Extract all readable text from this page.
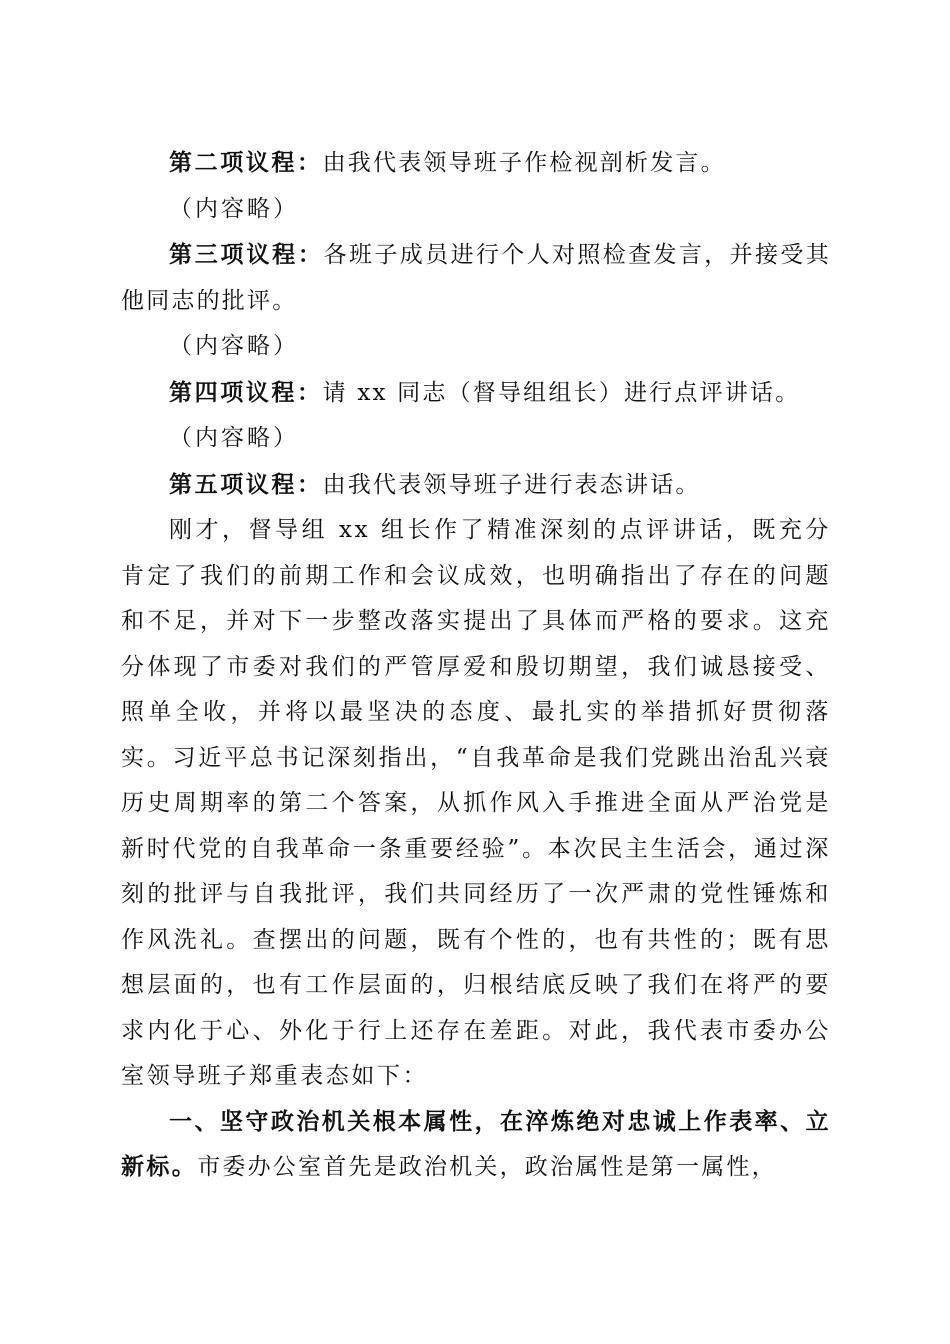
第二项议程：由我代表领导班子作检视剖析发言。

（内容略）

第三项议程：各班子成员进行个人对照检查发言，并接受其他同志的批评。

（内容略）

第四项议程：请 xx 同志（督导组组长）进行点评讲话。

（内容略）

第五项议程：由我代表领导班子进行表态讲话。

刚才，督导组 xx 组长作了精准深刻的点评讲话，既充分肯定了我们的前期工作和会议成效，也明确指出了存在的问题和不足，并对下一步整改落实提出了具体而严格的要求。这充分体现了市委对我们的严管厚爱和殷切期望，我们诚恳接受、照单全收，并将以最坚决的态度、最扎实的举措抓好贯彻落实。习近平总书记深刻指出，“自我革命是我们党跳出治乱兴衰历史周期率的第二个答案，从抓作风入手推进全面从严治党是新时代党的自我革命一条重要经验”。本次民主生活会，通过深刻的批评与自我批评，我们共同经历了一次严肃的党性锤炼和作风洗礼。查摆出的问题，既有个性的，也有共性的；既有思想层面的，也有工作层面的，归根结底反映了我们在将严的要求内化于心、外化于行上还存在差距。对此，我代表市委办公室领导班子郑重表态如下：

一、坚守政治机关根本属性，在淬炼绝对忠诚上作表率、立新标。市委办公室首先是政治机关，政治属性是第一属性，
